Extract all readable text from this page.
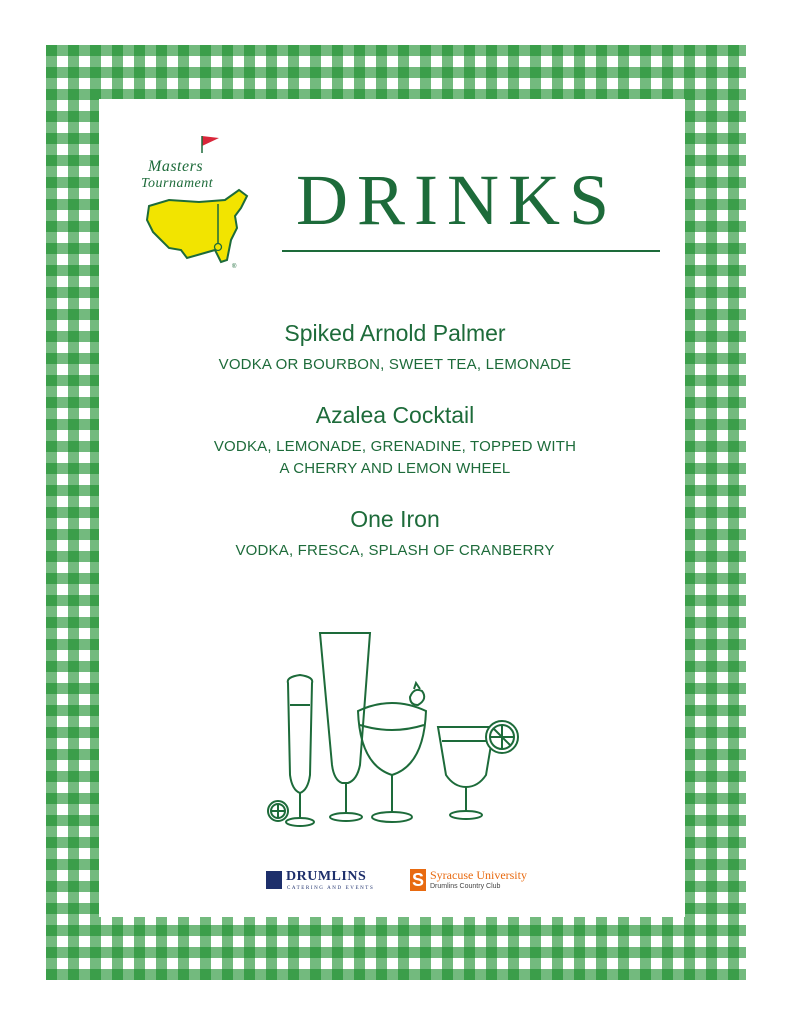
®
Masters
Tournament DRINKS

Spiked Arnold Palmer

VODKA OR BOURBON, SWEET TEA, LEMONADE

Azalea Cocktail

VODKA, LEMONADE, GRENADINE, TOPPED WITH
A CHERRY AND LEMON WHEEL

One Iron

VODKA, FRESCA, SPLASH OF CRANBERRY

DRUMLINS
CATERING AND EVENTS S Syracuse University
Drumlins Country Club
